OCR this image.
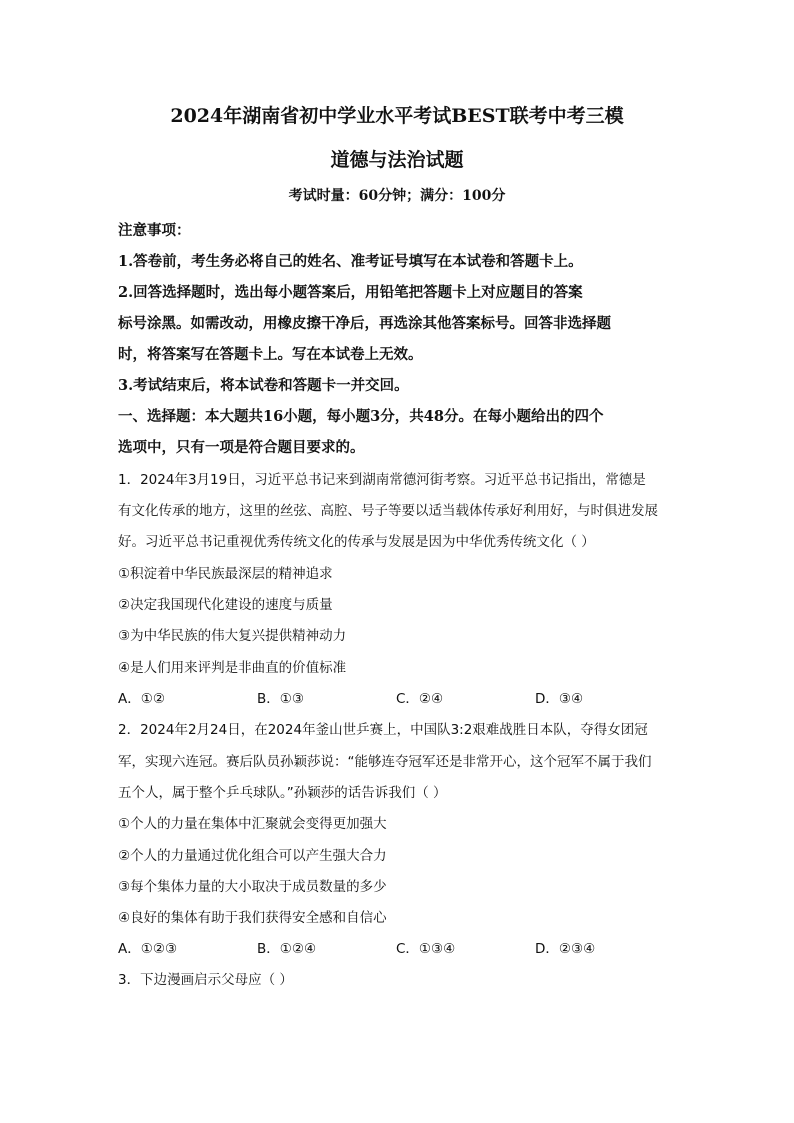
2024年湖南省初中学业水平考试BEST联考中考三模
道德与法治试题
考试时量：60分钟；满分：100分
注意事项：
1.答卷前，考生务必将自己的姓名、准考证号填写在本试卷和答题卡上。
2.回答选择题时，选出每小题答案后，用铅笔把答题卡上对应题目的答案
标号涂黑。如需改动，用橡皮擦干净后，再选涂其他答案标号。回答非选择题
时，将答案写在答题卡上。写在本试卷上无效。
3.考试结束后，将本试卷和答题卡一并交回。
一、选择题：本大题共16小题，每小题3分，共48分。在每小题给出的四个
选项中，只有一项是符合题目要求的。
1．2024年3月19日，习近平总书记来到湖南常德河街考察。习近平总书记指出，常德是
有文化传承的地方，这里的丝弦、高腔、号子等要以适当载体传承好利用好，与时俱进发展
好。习近平总书记重视优秀传统文化的传承与发展是因为中华优秀传统文化（ ）
①积淀着中华民族最深层的精神追求
②决定我国现代化建设的速度与质量
③为中华民族的伟大复兴提供精神动力
④是人们用来评判是非曲直的价值标准
A．①②	B．①③	C．②④	D．③④
2．2024年2月24日，在2024年釜山世乒赛上，中国队3:2艰难战胜日本队，夺得女团冠
军，实现六连冠。赛后队员孙颖莎说：“能够连夺冠军还是非常开心，这个冠军不属于我们
五个人，属于整个乒乓球队。”孙颖莎的话告诉我们（ ）
①个人的力量在集体中汇聚就会变得更加强大
②个人的力量通过优化组合可以产生强大合力
③每个集体力量的大小取决于成员数量的多少
④良好的集体有助于我们获得安全感和自信心
A．①②③	B．①②④	C．①③④	D．②③④
3．下边漫画启示父母应（ ）
